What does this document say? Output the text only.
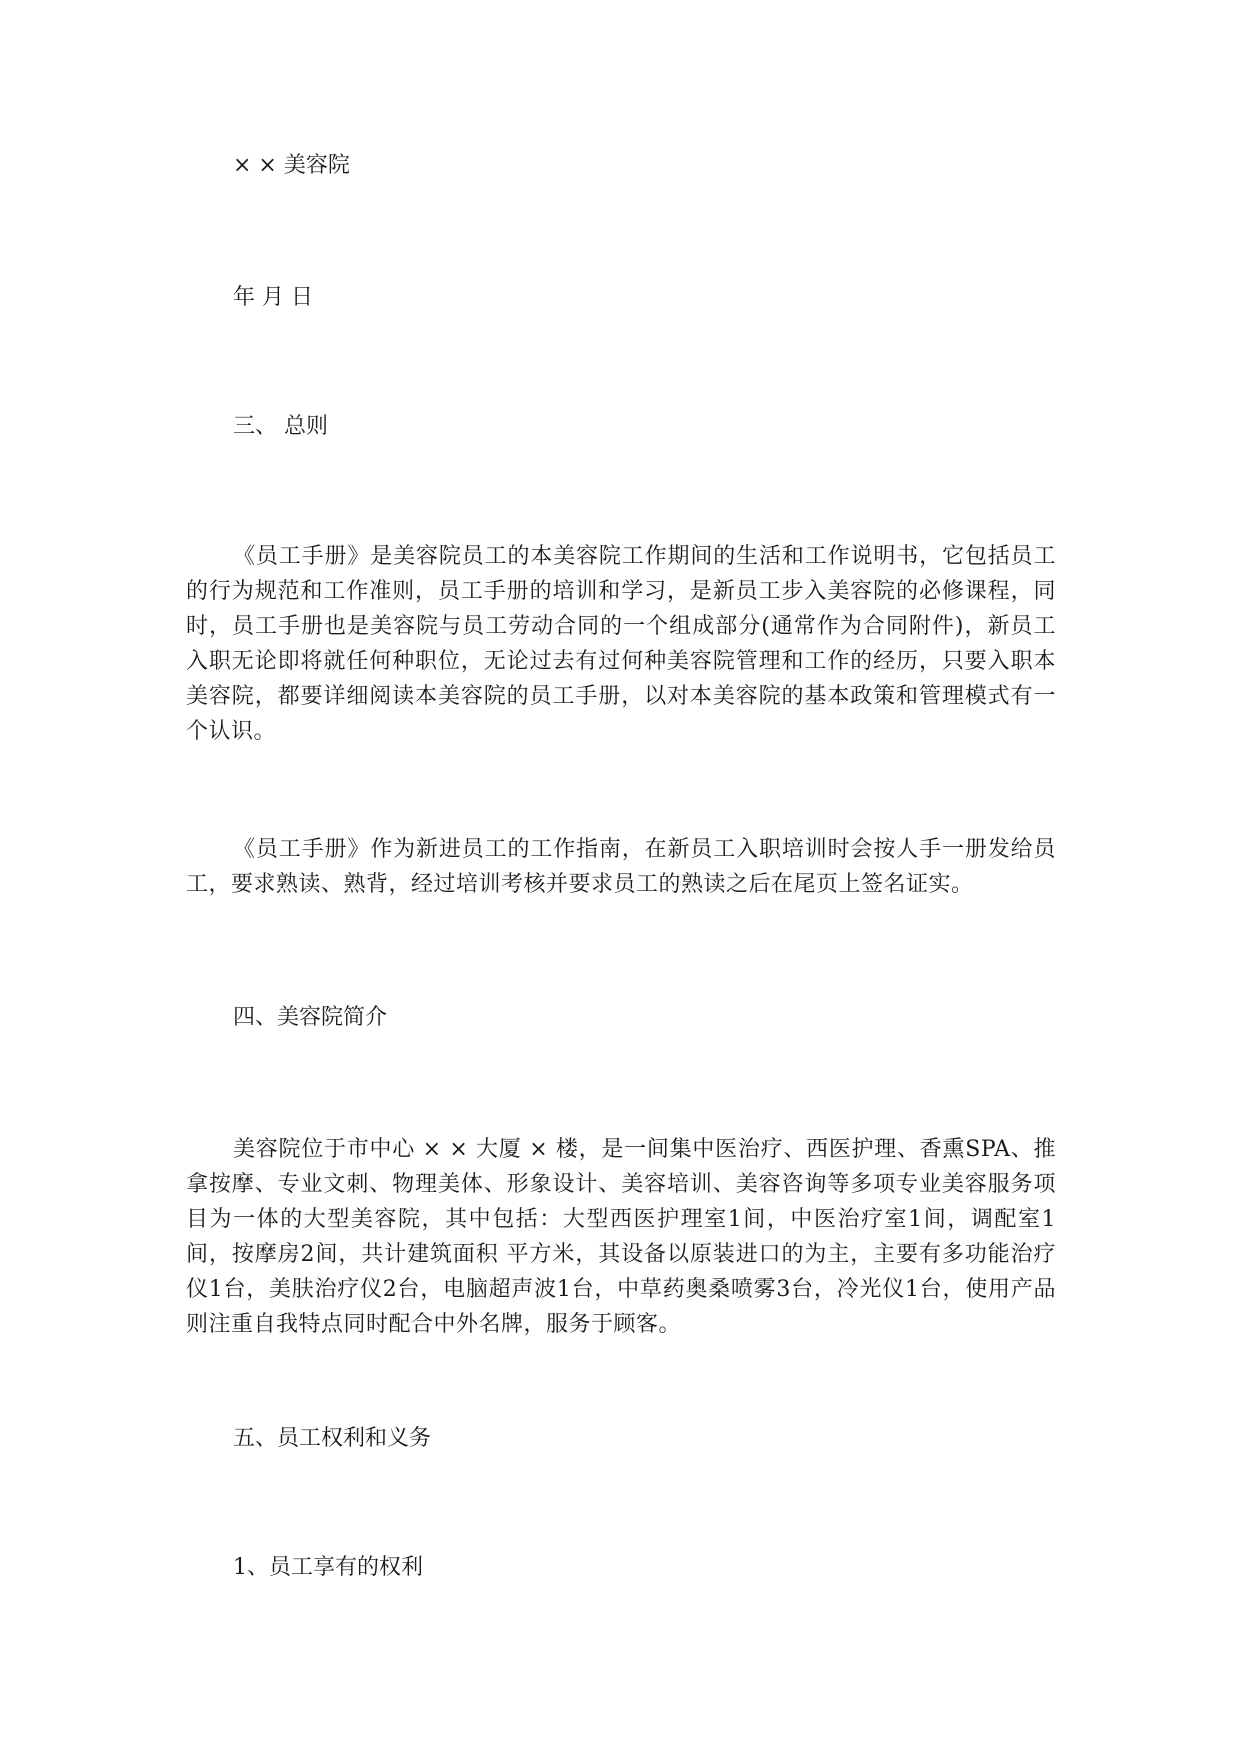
× × 美容院
年 月 日
三、 总则
《员工手册》是美容院员工的本美容院工作期间的生活和工作说明书，它包括员工的行为规范和工作准则，员工手册的培训和学习，是新员工步入美容院的必修课程，同时，员工手册也是美容院与员工劳动合同的一个组成部分(通常作为合同附件)，新员工入职无论即将就任何种职位，无论过去有过何种美容院管理和工作的经历，只要入职本美容院，都要详细阅读本美容院的员工手册，以对本美容院的基本政策和管理模式有一个认识。
《员工手册》作为新进员工的工作指南，在新员工入职培训时会按人手一册发给员工，要求熟读、熟背，经过培训考核并要求员工的熟读之后在尾页上签名证实。
四、美容院简介
美容院位于市中心 × × 大厦 × 楼，是一间集中医治疗、西医护理、香熏SPA、推拿按摩、专业文刺、物理美体、形象设计、美容培训、美容咨询等多项专业美容服务项目为一体的大型美容院，其中包括：大型西医护理室1间，中医治疗室1间，调配室1间，按摩房2间，共计建筑面积 平方米，其设备以原装进口的为主，主要有多功能治疗仪1台，美肤治疗仪2台，电脑超声波1台，中草药奥桑喷雾3台，冷光仪1台，使用产品则注重自我特点同时配合中外名牌，服务于顾客。
五、员工权利和义务
1、员工享有的权利
